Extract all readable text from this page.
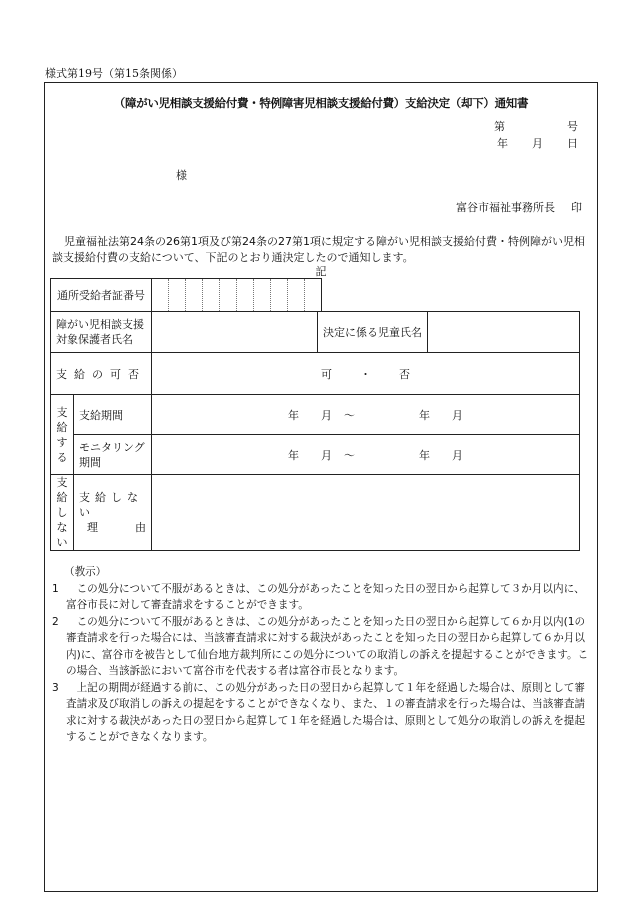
様式第19号（第15条関係）
（障がい児相談支援給付費・特例障害児相談支援給付費）支給決定（却下）通知書
第	号
年 月 日
様
富谷市福祉事務所長 印
児童福祉法第24条の26第1項及び第24条の27第1項に規定する障がい児相談支援給付費・特例障がい児相談支援給付費の支給について、下記のとおり通決定したので通知します。
記
通所受給者証番号										
障がい児相談支援
対象保護者氏名			決定に係る児童氏名	
支給の可否		可 ・ 否		

支給する	支給期間	年 月 ～ 年 月		

	モニタリング
期間	年 月 ～ 年 月		

支給しない	支給しない
理由			

（教示）

1　 この処分について不服があるときは、この処分があったことを知った日の翌日から起算して３か月以内に、富谷市長に対して審査請求をすることができます。

2　 この処分について不服があるときは、この処分があったことを知った日の翌日から起算して６か月以内(1の審査請求を行った場合には、当該審査請求に対する裁決があったことを知った日の翌日から起算して６か月以内)に、富谷市を被告として仙台地方裁判所にこの処分についての取消しの訴えを提起することができます。この場合、当該訴訟において富谷市を代表する者は富谷市長となります。

3　 上記の期間が経過する前に、この処分があった日の翌日から起算して１年を経過した場合は、原則として審査請求及び取消しの訴えの提起をすることができなくなり、また、１の審査請求を行った場合は、当該審査請求に対する裁決があった日の翌日から起算して１年を経過した場合は、原則として処分の取消しの訴えを提起することができなくなります。
